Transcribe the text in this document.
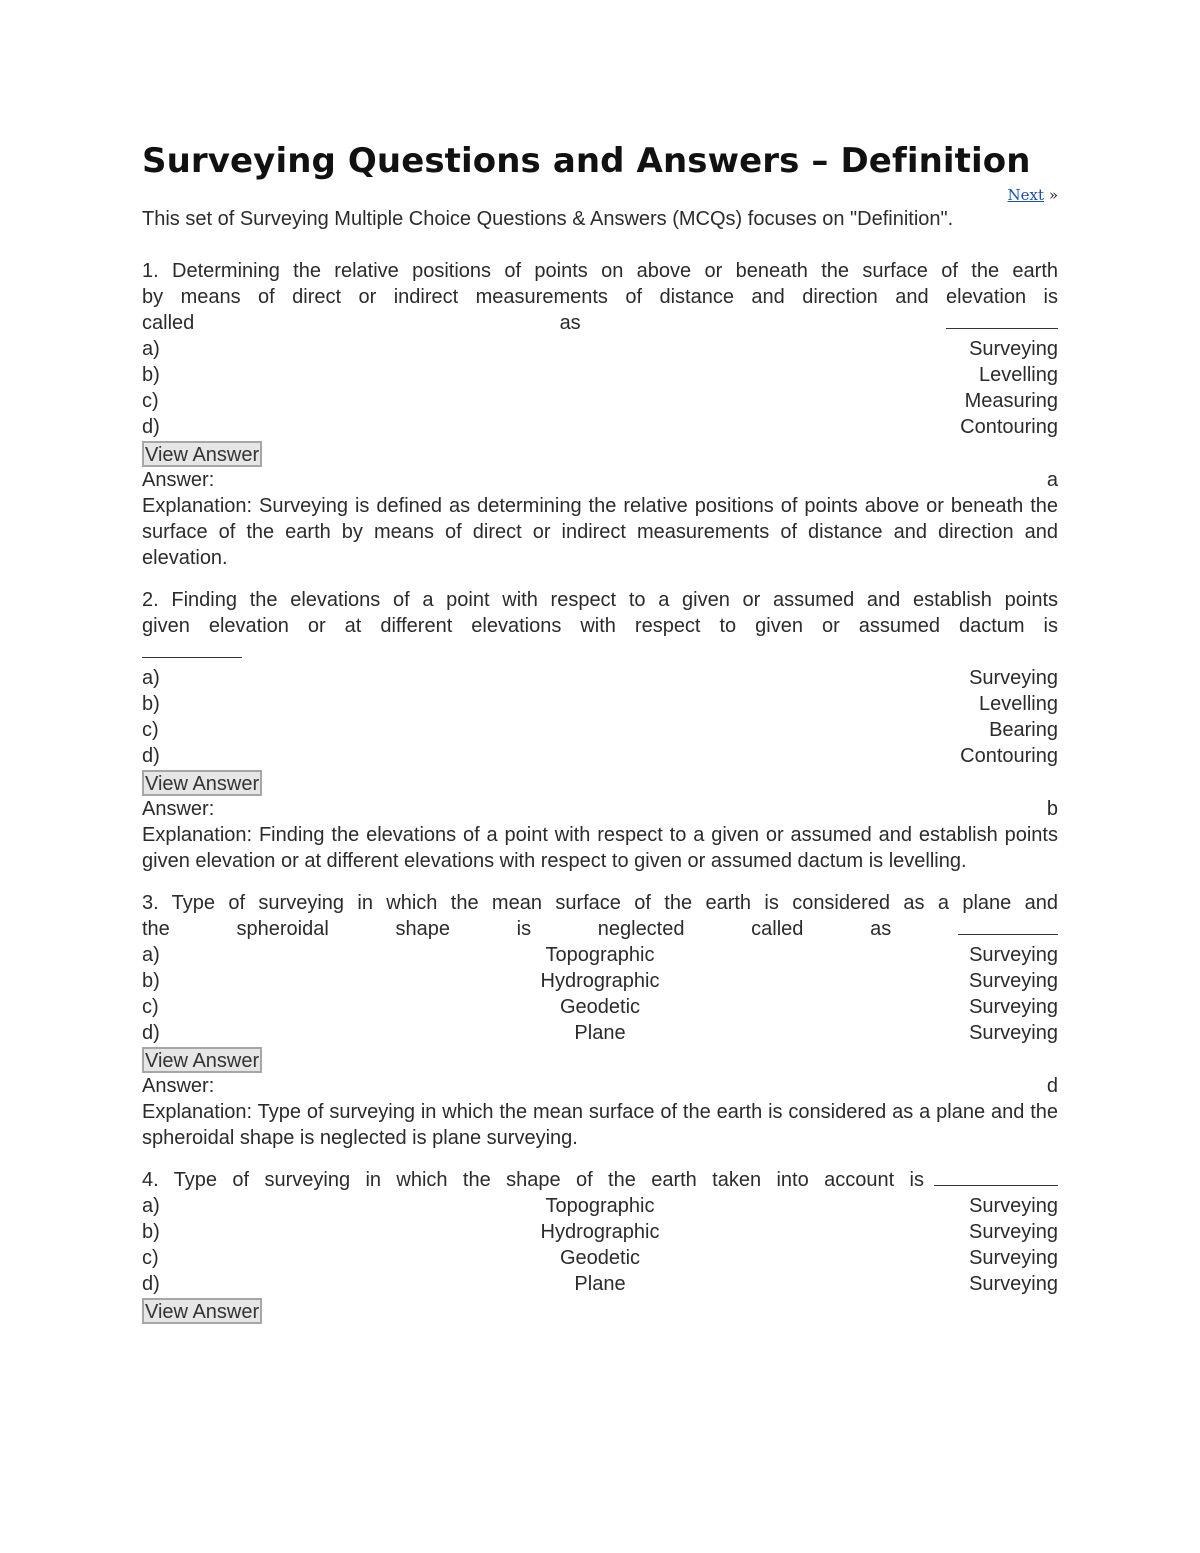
Surveying Questions and Answers – Definition
Next »

This set of Surveying Multiple Choice Questions & Answers (MCQs) focuses on "Definition".

1. Determining the relative positions of points on above or beneath the surface of the earth

by means of direct or indirect measurements of distance and direction and elevation is

called	as
a)	Surveying
b)	Levelling
c)	Measuring
d)	Contouring
View Answer
Answer:	a

Explanation: Surveying is defined as determining the relative positions of points above or beneath the surface of the earth by means of direct or indirect measurements of distance and direction and elevation.

2. Finding the elevations of a point with respect to a given or assumed and establish points

given elevation or at different elevations with respect to given or assumed dactum is

a)	Surveying
b)	Levelling
c)	Bearing
d)	Contouring
View Answer
Answer:	b

Explanation: Finding the elevations of a point with respect to a given or assumed and establish points given elevation or at different elevations with respect to given or assumed dactum is levelling.

3. Type of surveying in which the mean surface of the earth is considered as a plane and

the	spheroidal	shape	is	neglected	called	as
a)	Topographic	Surveying
b)	Hydrographic	Surveying
c)	Geodetic	Surveying
d)	Plane	Surveying
View Answer
Answer:	d

Explanation: Type of surveying in which the mean surface of the earth is considered as a plane and the spheroidal shape is neglected is plane surveying.

4. Type of surveying in which the shape of the earth taken into account is
a)	Topographic	Surveying
b)	Hydrographic	Surveying
c)	Geodetic	Surveying
d)	Plane	Surveying
View Answer
